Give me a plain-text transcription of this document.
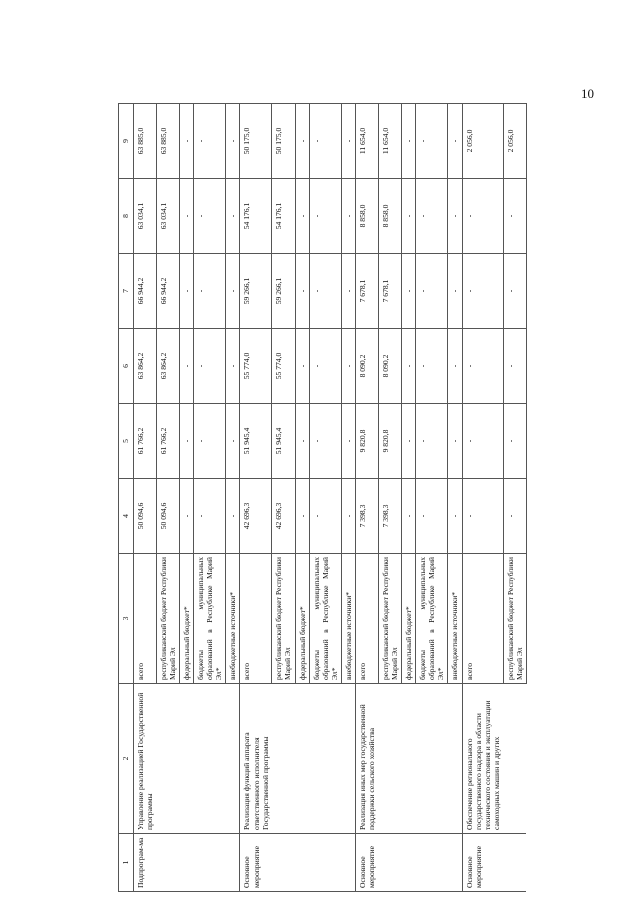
10
1	2	3	4	5	6	7	8	9
Подпрограм-ма	Управление реализацией Государственной программы	всего	50 094,6	61 766,2	63 864,2	66 944,2	63 034,1	63 885,0
		республиканский бюджет Республики Марий Эл	50 094,6	61 766,2	63 864,2	66 944,2	63 034,1	63 885,0
		федеральный бюджет*	-	-	-	-	-	-
		бюджеты муниципальных образований в Республике Марий Эл*	-	-	-	-	-	-
		внебюджетные источники*	-	-	-	-	-	-
Основное мероприятие	Реализация функций аппарата ответственного исполнителя Государственной программы	всего	42 696,3	51 945,4	55 774,0	59 266,1	54 176,1	50 175,0
		республиканский бюджет Республики Марий Эл	42 696,3	51 945,4	55 774,0	59 266,1	54 176,1	50 175,0
		федеральный бюджет*	-	-	-	-	-	-
		бюджеты муниципальных образований в Республике Марий Эл*	-	-	-	-	-	-
		внебюджетные источники*	-	-	-	-	-	-
Основное мероприятие	Реализация иных мер государственной поддержки сельского хозяйства	всего	7 398,3	9 820,8	8 090,2	7 678,1	8 858,0	11 654,0
		республиканский бюджет Республики Марий Эл	7 398,3	9 820,8	8 090,2	7 678,1	8 858,0	11 654,0
		федеральный бюджет*	-	-	-	-	-	-
		бюджеты муниципальных образований в Республике Марий Эл*	-	-	-	-	-	-
		внебюджетные источники*	-	-	-	-	-	-
Основное мероприятие	Обеспечение регионального государственного надзора в области технического состояния и эксплуатации самоходных машин и других	всего	-	-	-	-	-	2 056,0
		республиканский бюджет Республики Марий Эл	-	-	-	-	-	2 056,0
